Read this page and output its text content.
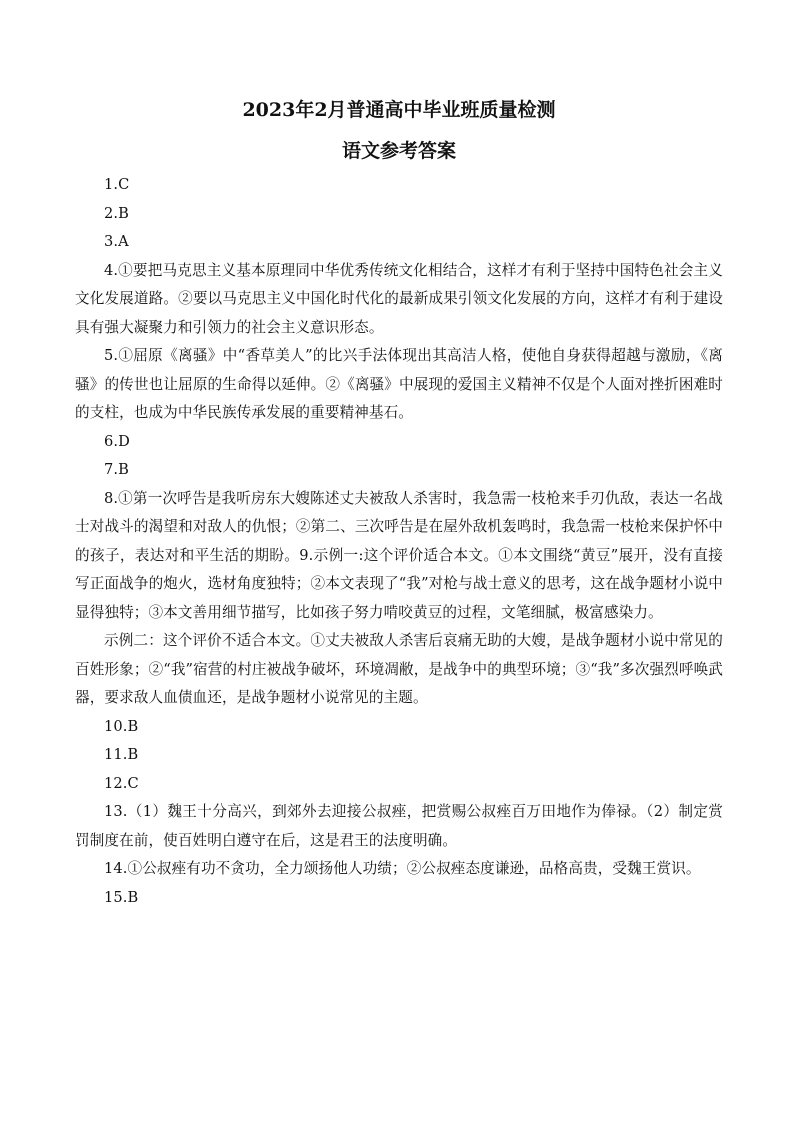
2023年2月普通高中毕业班质量检测
语文参考答案

1.C

2.B

3.A

4.①要把马克思主义基本原理同中华优秀传统文化相结合，这样才有利于坚持中国特色社会主义文化发展道路。②要以马克思主义中国化时代化的最新成果引领文化发展的方向，这样才有利于建设具有强大凝聚力和引领力的社会主义意识形态。

5.①屈原《离骚》中“香草美人”的比兴手法体现出其高洁人格，使他自身获得超越与激励，《离骚》的传世也让屈原的生命得以延伸。②《离骚》中展现的爱国主义精神不仅是个人面对挫折困难时的支柱，也成为中华民族传承发展的重要精神基石。

6.D

7.B

8.①第一次呼告是我听房东大嫂陈述丈夫被敌人杀害时，我急需一枝枪来手刃仇敌，表达一名战士对战斗的渴望和对敌人的仇恨；②第二、三次呼告是在屋外敌机轰鸣时，我急需一枝枪来保护怀中的孩子，表达对和平生活的期盼。9.示例一:这个评价适合本文。①本文围绕“黄豆”展开，没有直接写正面战争的炮火，选材角度独特；②本文表现了“我”对枪与战士意义的思考，这在战争题材小说中显得独特；③本文善用细节描写，比如孩子努力啃咬黄豆的过程，文笔细腻，极富感染力。

示例二：这个评价不适合本文。①丈夫被敌人杀害后哀痛无助的大嫂，是战争题材小说中常见的百姓形象；②“我”宿营的村庄被战争破坏，环境凋敝，是战争中的典型环境；③“我”多次强烈呼唤武器，要求敌人血债血还，是战争题材小说常见的主题。

10.B

11.B

12.C

13.（1）魏王十分高兴，到郊外去迎接公叔痤，把赏赐公叔痤百万田地作为俸禄。（2）制定赏罚制度在前，使百姓明白遵守在后，这是君王的法度明确。

14.①公叔痤有功不贪功，全力颂扬他人功绩；②公叔痤态度谦逊，品格高贵，受魏王赏识。

15.B
